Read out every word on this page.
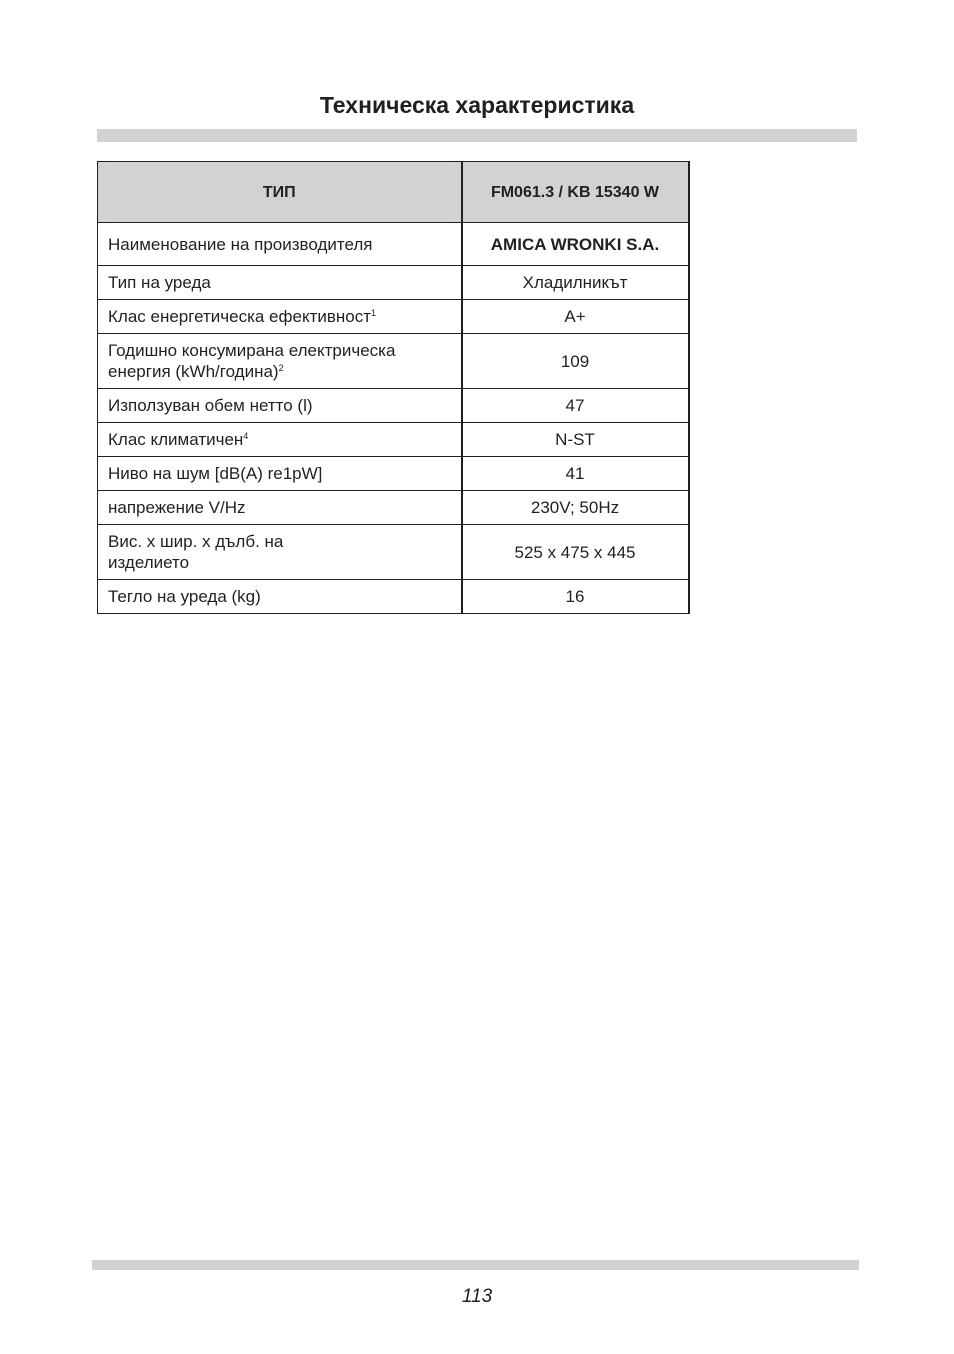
Техническа характеристика
ТИП	FM061.3 / KB 15340 W
Наименование на производителя	AMICA WRONKI S.A.
Тип на уреда	Хладилникът
Клас енергетическа ефективност$^1$	A+
Годишно консумирана електрическа
енергия (kWh/година)$^2$	109
Използуван обем нетто (l)	47
Клас климатичен$^4$	N-ST
Ниво на шум [dB(A) re1pW]	41
напрежение V/Hz	230V; 50Hz
Вис. x шир. x дълб. на
изделието	525 x 475 x 445
Тегло на уреда (kg)	16
113
